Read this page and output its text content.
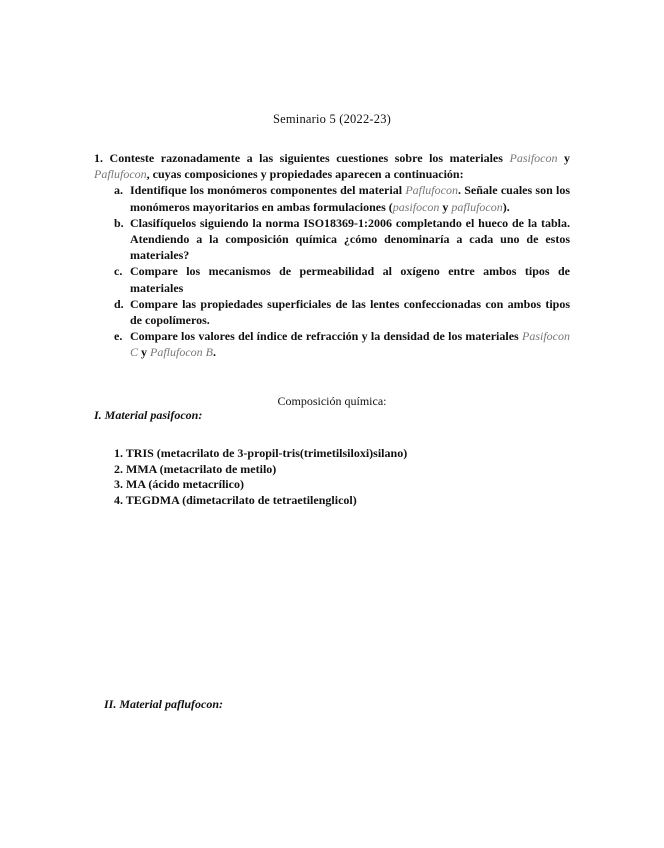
Seminario 5 (2022-23)
1. Conteste razonadamente a las siguientes cuestiones sobre los materiales Pasifocon y Paflufocon, cuyas composiciones y propiedades aparecen a continuación:
a. Identifique los monómeros componentes del material Paflufocon. Señale cuales son los monómeros mayoritarios en ambas formulaciones (pasifocon y paflufocon).
b. Clasifíquelos siguiendo la norma ISO18369-1:2006 completando el hueco de la tabla. Atendiendo a la composición química ¿cómo denominaría a cada uno de estos materiales?
c. Compare los mecanismos de permeabilidad al oxígeno entre ambos tipos de materiales
d. Compare las propiedades superficiales de las lentes confeccionadas con ambos tipos de copolímeros.
e. Compare los valores del índice de refracción y la densidad de los materiales Pasifocon C y Paflufocon B.
Composición química:
I. Material pasifocon:
1. TRIS (metacrilato de 3-propil-tris(trimetilsiloxi)silano)
2. MMA (metacrilato de metilo)
3. MA (ácido metacrílico)
4. TEGDMA (dimetacrilato de tetraetilenglicol)
II. Material paflufocon:
